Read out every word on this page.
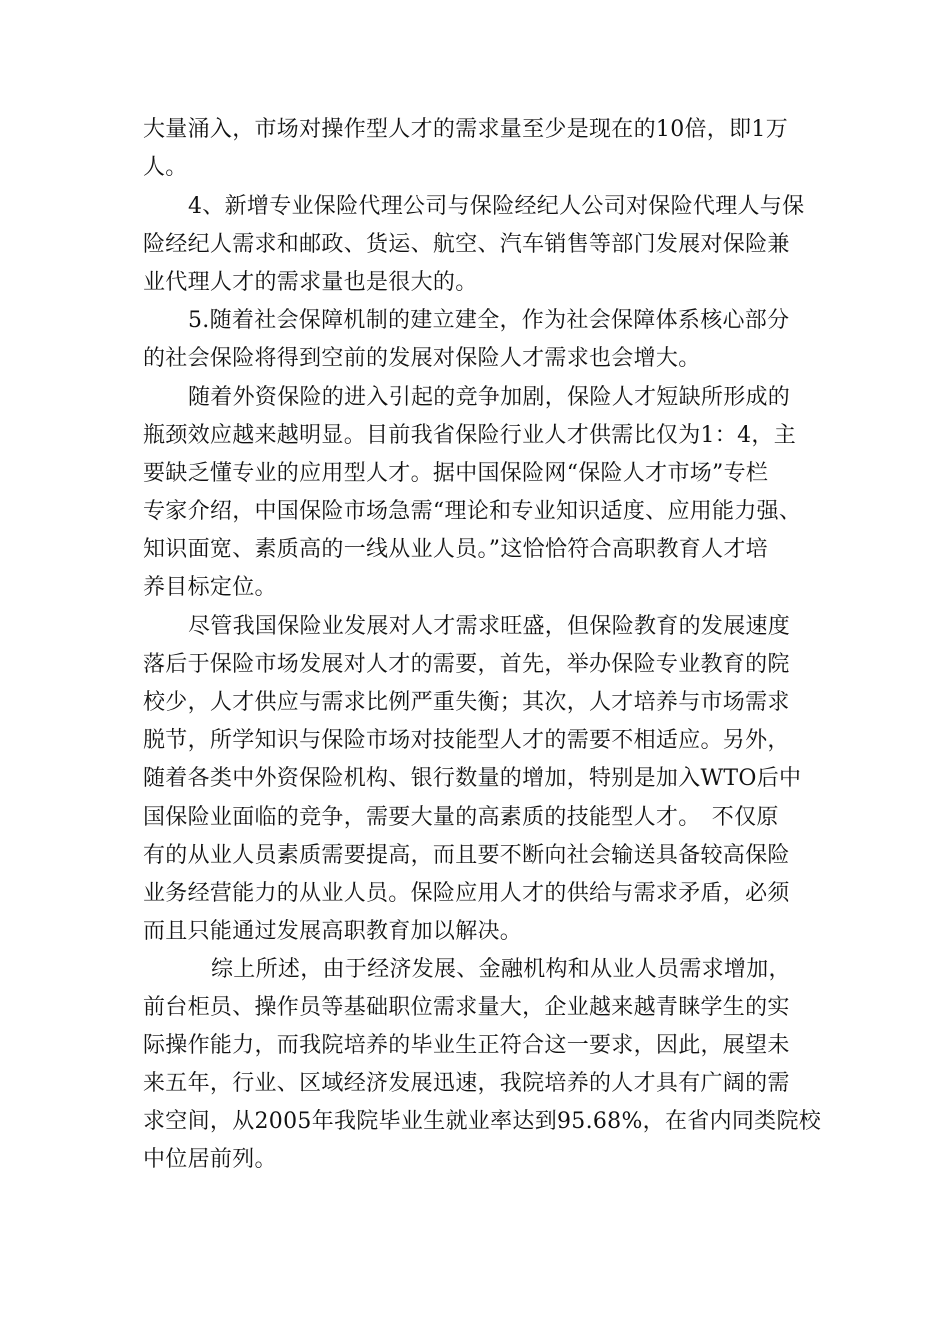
大量涌入，市场对操作型人才的需求量至少是现在的10倍，即1万
人。
4、新增专业保险代理公司与保险经纪人公司对保险代理人与保
险经纪人需求和邮政、货运、航空、汽车销售等部门发展对保险兼
业代理人才的需求量也是很大的。
5.随着社会保障机制的建立建全，作为社会保障体系核心部分
的社会保险将得到空前的发展对保险人才需求也会增大。
随着外资保险的进入引起的竞争加剧，保险人才短缺所形成的
瓶颈效应越来越明显。目前我省保险行业人才供需比仅为1：4，主
要缺乏懂专业的应用型人才。据中国保险网“保险人才市场”专栏
专家介绍，中国保险市场急需“理论和专业知识适度、应用能力强、
知识面宽、素质高的一线从业人员。”这恰恰符合高职教育人才培
养目标定位。
尽管我国保险业发展对人才需求旺盛，但保险教育的发展速度
落后于保险市场发展对人才的需要，首先，举办保险专业教育的院
校少，人才供应与需求比例严重失衡；其次，人才培养与市场需求
脱节，所学知识与保险市场对技能型人才的需要不相适应。另外，
随着各类中外资保险机构、银行数量的增加，特别是加入WTO后中
国保险业面临的竞争，需要大量的高素质的技能型人才。　不仅原
有的从业人员素质需要提高，而且要不断向社会输送具备较高保险
业务经营能力的从业人员。保险应用人才的供给与需求矛盾，必须
而且只能通过发展高职教育加以解决。
综上所述，由于经济发展、金融机构和从业人员需求增加，
前台柜员、操作员等基础职位需求量大，企业越来越青睐学生的实
际操作能力，而我院培养的毕业生正符合这一要求，因此，展望未
来五年，行业、区域经济发展迅速，我院培养的人才具有广阔的需
求空间，从2005年我院毕业生就业率达到95.68%，在省内同类院校
中位居前列。
